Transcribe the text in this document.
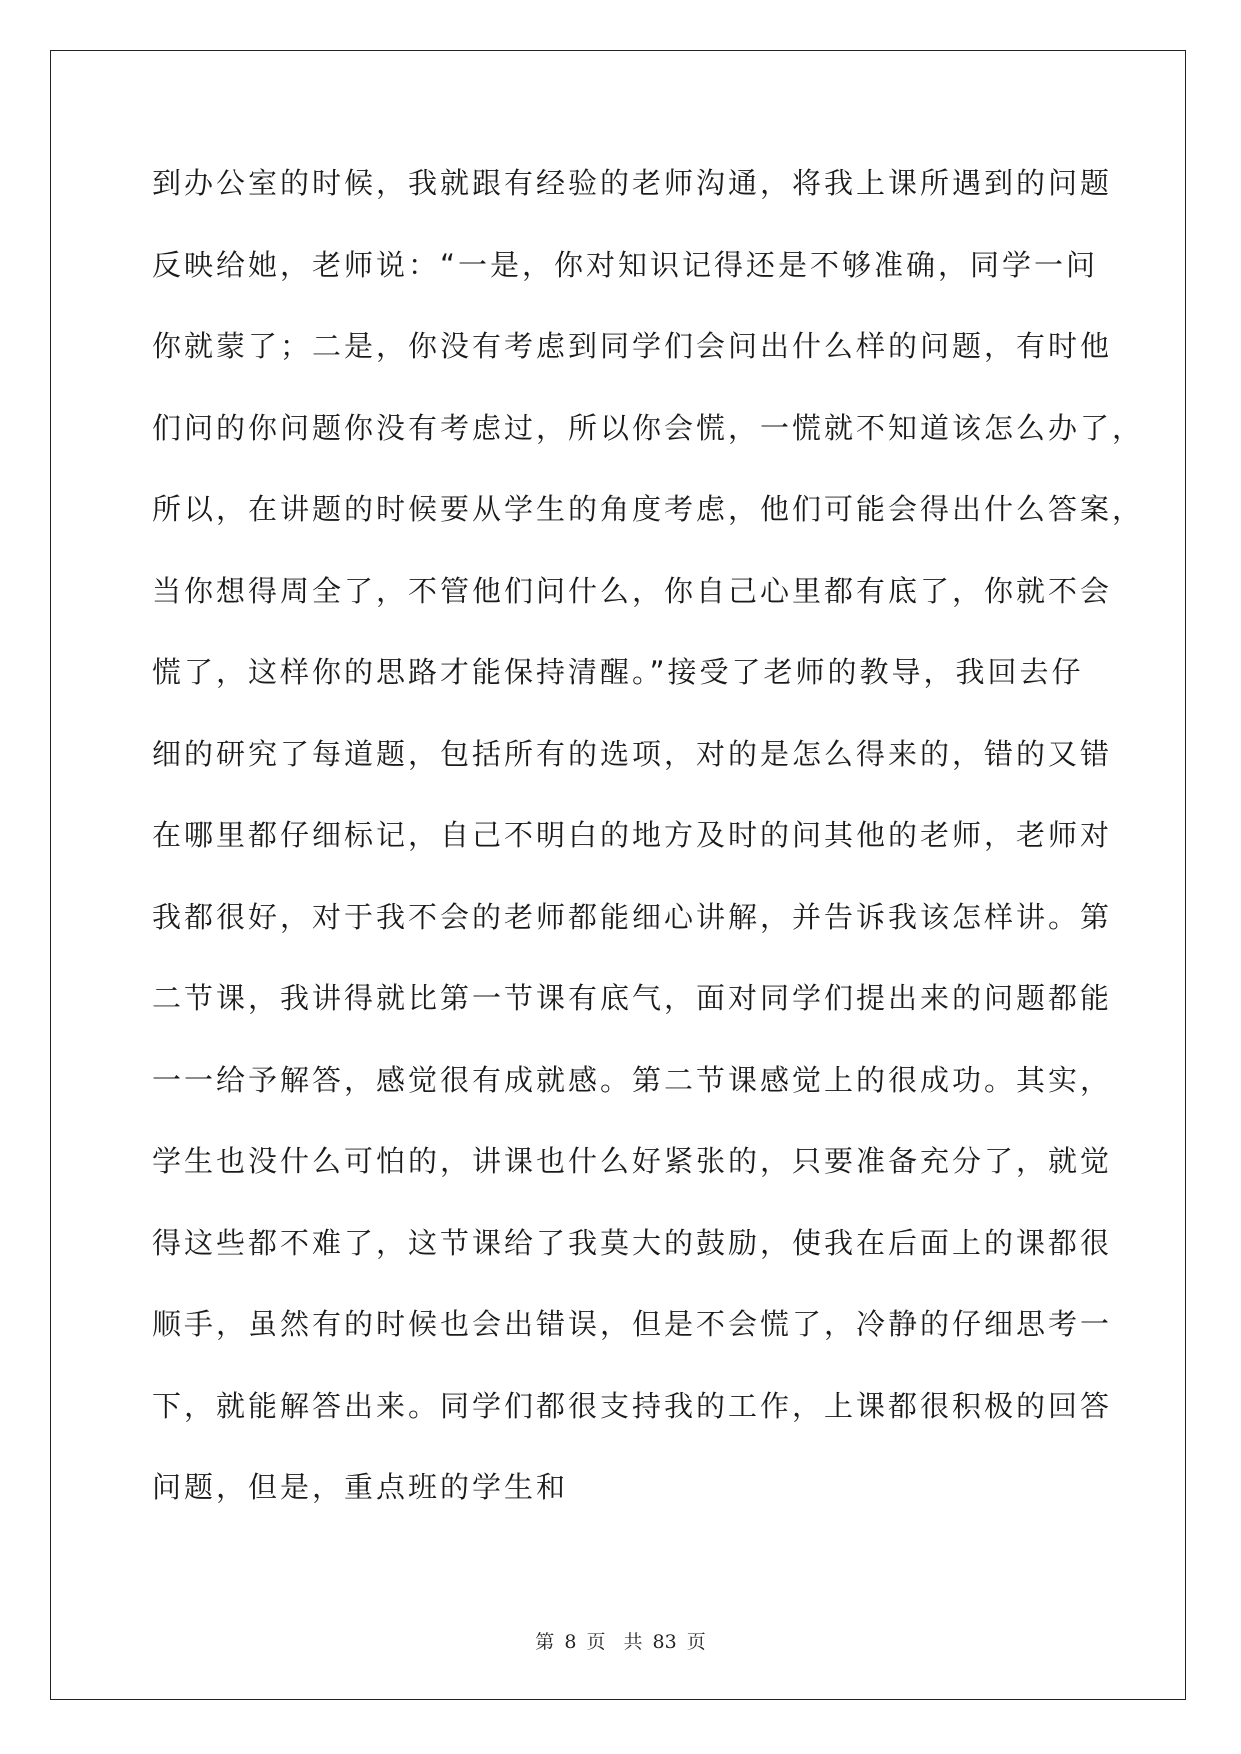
到办公室的时候，我就跟有经验的老师沟通，将我上课所遇到的问题
反映给她，老师说：“一是，你对知识记得还是不够准确，同学一问
你就蒙了；二是，你没有考虑到同学们会问出什么样的问题，有时他
们问的你问题你没有考虑过，所以你会慌，一慌就不知道该怎么办了，
所以，在讲题的时候要从学生的角度考虑，他们可能会得出什么答案，
当你想得周全了，不管他们问什么，你自己心里都有底了，你就不会
慌了，这样你的思路才能保持清醒。”接受了老师的教导，我回去仔
细的研究了每道题，包括所有的选项，对的是怎么得来的，错的又错
在哪里都仔细标记，自己不明白的地方及时的问其他的老师，老师对
我都很好，对于我不会的老师都能细心讲解，并告诉我该怎样讲。第
二节课，我讲得就比第一节课有底气，面对同学们提出来的问题都能
一一给予解答，感觉很有成就感。第二节课感觉上的很成功。其实，
学生也没什么可怕的，讲课也什么好紧张的，只要准备充分了，就觉
得这些都不难了，这节课给了我莫大的鼓励，使我在后面上的课都很
顺手，虽然有的时候也会出错误，但是不会慌了，冷静的仔细思考一
下，就能解答出来。同学们都很支持我的工作，上课都很积极的回答
问题，但是，重点班的学生和
第 8 页 共 83 页
